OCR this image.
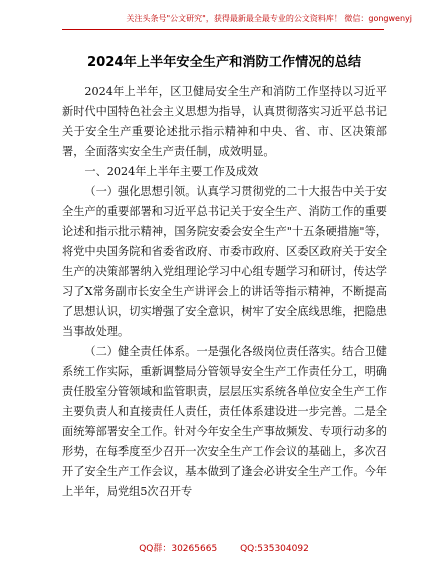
关注头条号"公文研究"，获得最新最全最专业的公文资料库！ 微信：gongwenyj
2024年上半年安全生产和消防工作情况的总结

2024年上半年，区卫健局安全生产和消防工作坚持以习近平新时代中国特色社会主义思想为指导，认真贯彻落实习近平总书记关于安全生产重要论述批示指示精神和中央、省、市、区决策部署，全面落实安全生产责任制，成效明显。

一、2024年上半年主要工作及成效

（一）强化思想引领。认真学习贯彻党的二十大报告中关于安全生产的重要部署和习近平总书记关于安全生产、消防工作的重要论述和指示批示精神，国务院安委会安全生产"十五条硬措施"等，将党中央国务院和省委省政府、市委市政府、区委区政府关于安全生产的决策部署纳入党组理论学习中心组专题学习和研讨，传达学习了X常务副市长安全生产讲评会上的讲话等指示精神，不断提高了思想认识，切实增强了安全意识，树牢了安全底线思维，把隐患当事故处理。

（二）健全责任体系。一是强化各级岗位责任落实。结合卫健系统工作实际，重新调整局分管领导安全生产工作责任分工，明确责任股室分管领域和监管职责，层层压实系统各单位安全生产工作主要负责人和直接责任人责任，责任体系建设进一步完善。二是全面统筹部署安全工作。针对今年安全生产事故频发、专项行动多的形势，在每季度至少召开一次安全生产工作会议的基础上，多次召开了安全生产工作会议，基本做到了逢会必讲安全生产工作。今年上半年，局党组5次召开专

QQ群：30265665	QQ:535304092
